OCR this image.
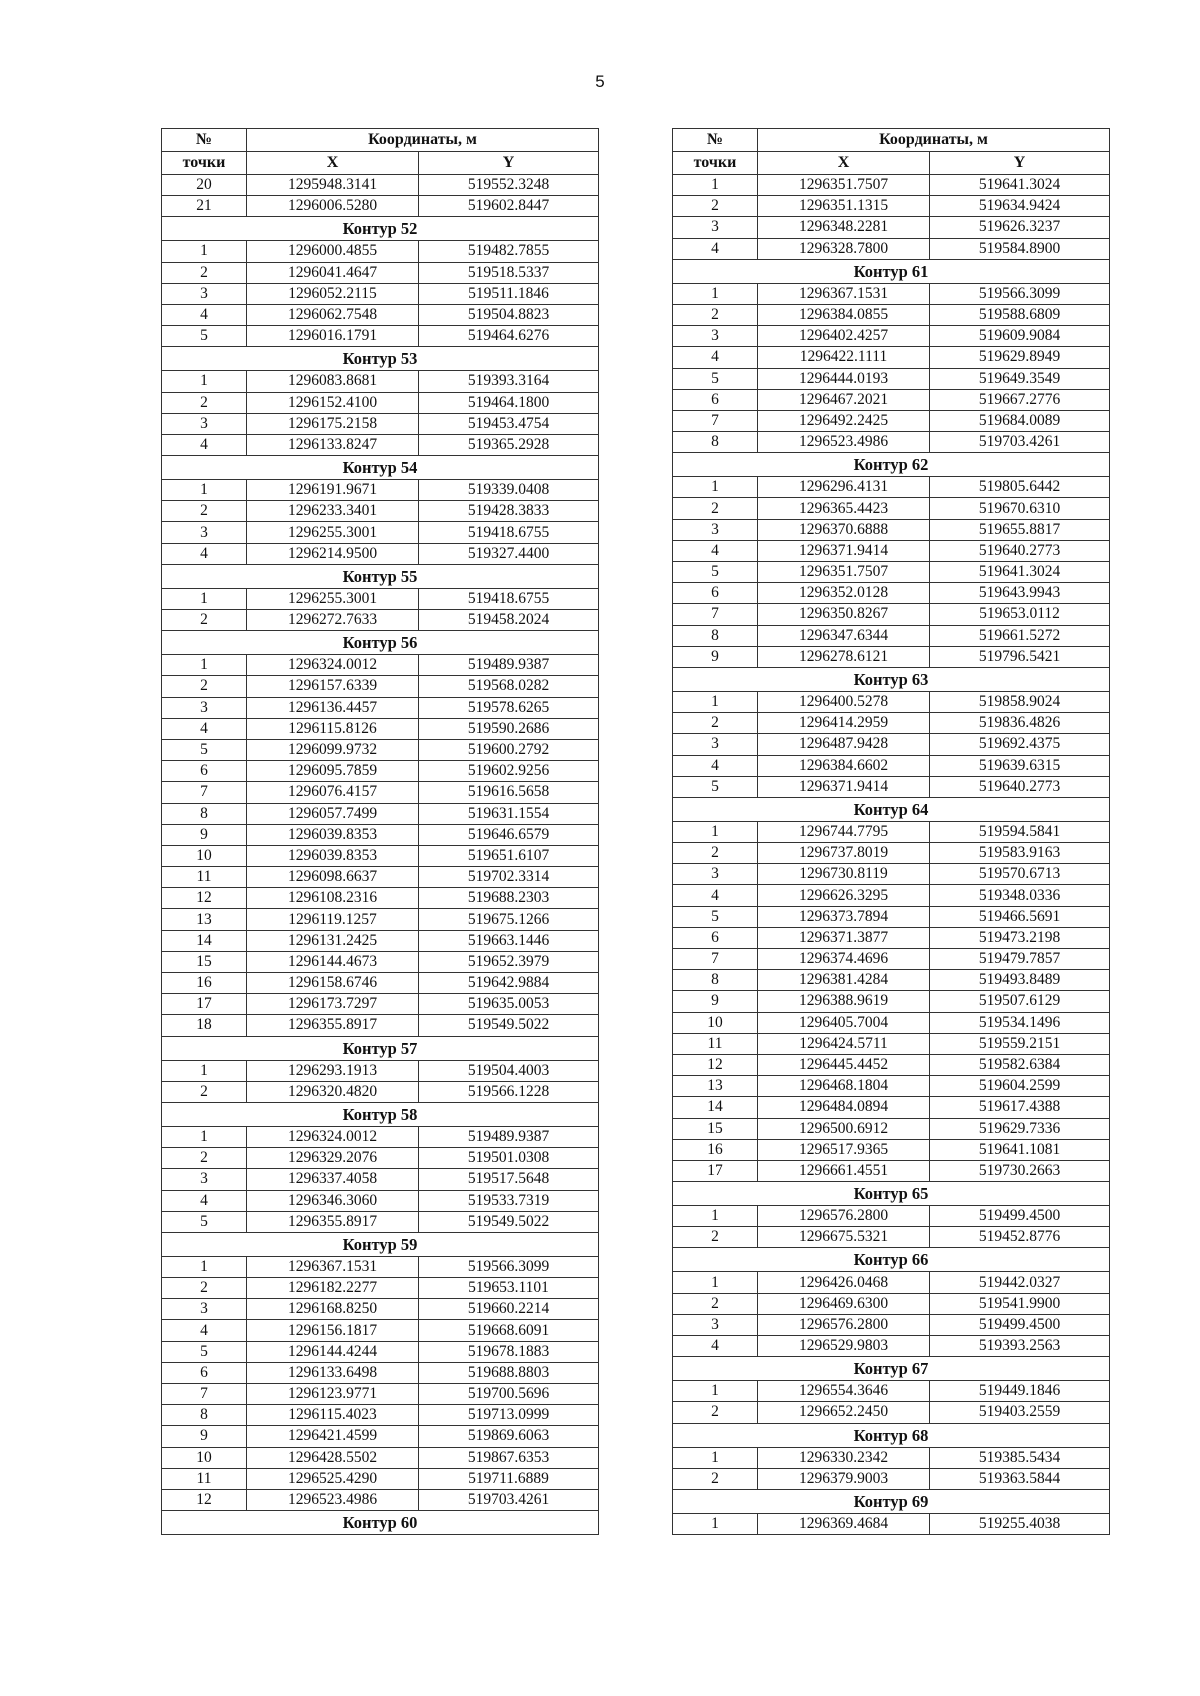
5
№	Координаты, м	
точки	X	Y
20	1295948.3141	519552.3248
21	1296006.5280	519602.8447
Контур 52		
1	1296000.4855	519482.7855
2	1296041.4647	519518.5337
3	1296052.2115	519511.1846
4	1296062.7548	519504.8823
5	1296016.1791	519464.6276
Контур 53		
1	1296083.8681	519393.3164
2	1296152.4100	519464.1800
3	1296175.2158	519453.4754
4	1296133.8247	519365.2928
Контур 54		
1	1296191.9671	519339.0408
2	1296233.3401	519428.3833
3	1296255.3001	519418.6755
4	1296214.9500	519327.4400
Контур 55		
1	1296255.3001	519418.6755
2	1296272.7633	519458.2024
Контур 56		
1	1296324.0012	519489.9387
2	1296157.6339	519568.0282
3	1296136.4457	519578.6265
4	1296115.8126	519590.2686
5	1296099.9732	519600.2792
6	1296095.7859	519602.9256
7	1296076.4157	519616.5658
8	1296057.7499	519631.1554
9	1296039.8353	519646.6579
10	1296039.8353	519651.6107
11	1296098.6637	519702.3314
12	1296108.2316	519688.2303
13	1296119.1257	519675.1266
14	1296131.2425	519663.1446
15	1296144.4673	519652.3979
16	1296158.6746	519642.9884
17	1296173.7297	519635.0053
18	1296355.8917	519549.5022
Контур 57		
1	1296293.1913	519504.4003
2	1296320.4820	519566.1228
Контур 58		
1	1296324.0012	519489.9387
2	1296329.2076	519501.0308
3	1296337.4058	519517.5648
4	1296346.3060	519533.7319
5	1296355.8917	519549.5022
Контур 59		
1	1296367.1531	519566.3099
2	1296182.2277	519653.1101
3	1296168.8250	519660.2214
4	1296156.1817	519668.6091
5	1296144.4244	519678.1883
6	1296133.6498	519688.8803
7	1296123.9771	519700.5696
8	1296115.4023	519713.0999
9	1296421.4599	519869.6063
10	1296428.5502	519867.6353
11	1296525.4290	519711.6889
12	1296523.4986	519703.4261
Контур 60		
№	Координаты, м	
точки	X	Y
1	1296351.7507	519641.3024
2	1296351.1315	519634.9424
3	1296348.2281	519626.3237
4	1296328.7800	519584.8900
Контур 61		
1	1296367.1531	519566.3099
2	1296384.0855	519588.6809
3	1296402.4257	519609.9084
4	1296422.1111	519629.8949
5	1296444.0193	519649.3549
6	1296467.2021	519667.2776
7	1296492.2425	519684.0089
8	1296523.4986	519703.4261
Контур 62		
1	1296296.4131	519805.6442
2	1296365.4423	519670.6310
3	1296370.6888	519655.8817
4	1296371.9414	519640.2773
5	1296351.7507	519641.3024
6	1296352.0128	519643.9943
7	1296350.8267	519653.0112
8	1296347.6344	519661.5272
9	1296278.6121	519796.5421
Контур 63		
1	1296400.5278	519858.9024
2	1296414.2959	519836.4826
3	1296487.9428	519692.4375
4	1296384.6602	519639.6315
5	1296371.9414	519640.2773
Контур 64		
1	1296744.7795	519594.5841
2	1296737.8019	519583.9163
3	1296730.8119	519570.6713
4	1296626.3295	519348.0336
5	1296373.7894	519466.5691
6	1296371.3877	519473.2198
7	1296374.4696	519479.7857
8	1296381.4284	519493.8489
9	1296388.9619	519507.6129
10	1296405.7004	519534.1496
11	1296424.5711	519559.2151
12	1296445.4452	519582.6384
13	1296468.1804	519604.2599
14	1296484.0894	519617.4388
15	1296500.6912	519629.7336
16	1296517.9365	519641.1081
17	1296661.4551	519730.2663
Контур 65		
1	1296576.2800	519499.4500
2	1296675.5321	519452.8776
Контур 66		
1	1296426.0468	519442.0327
2	1296469.6300	519541.9900
3	1296576.2800	519499.4500
4	1296529.9803	519393.2563
Контур 67		
1	1296554.3646	519449.1846
2	1296652.2450	519403.2559
Контур 68		
1	1296330.2342	519385.5434
2	1296379.9003	519363.5844
Контур 69		
1	1296369.4684	519255.4038
